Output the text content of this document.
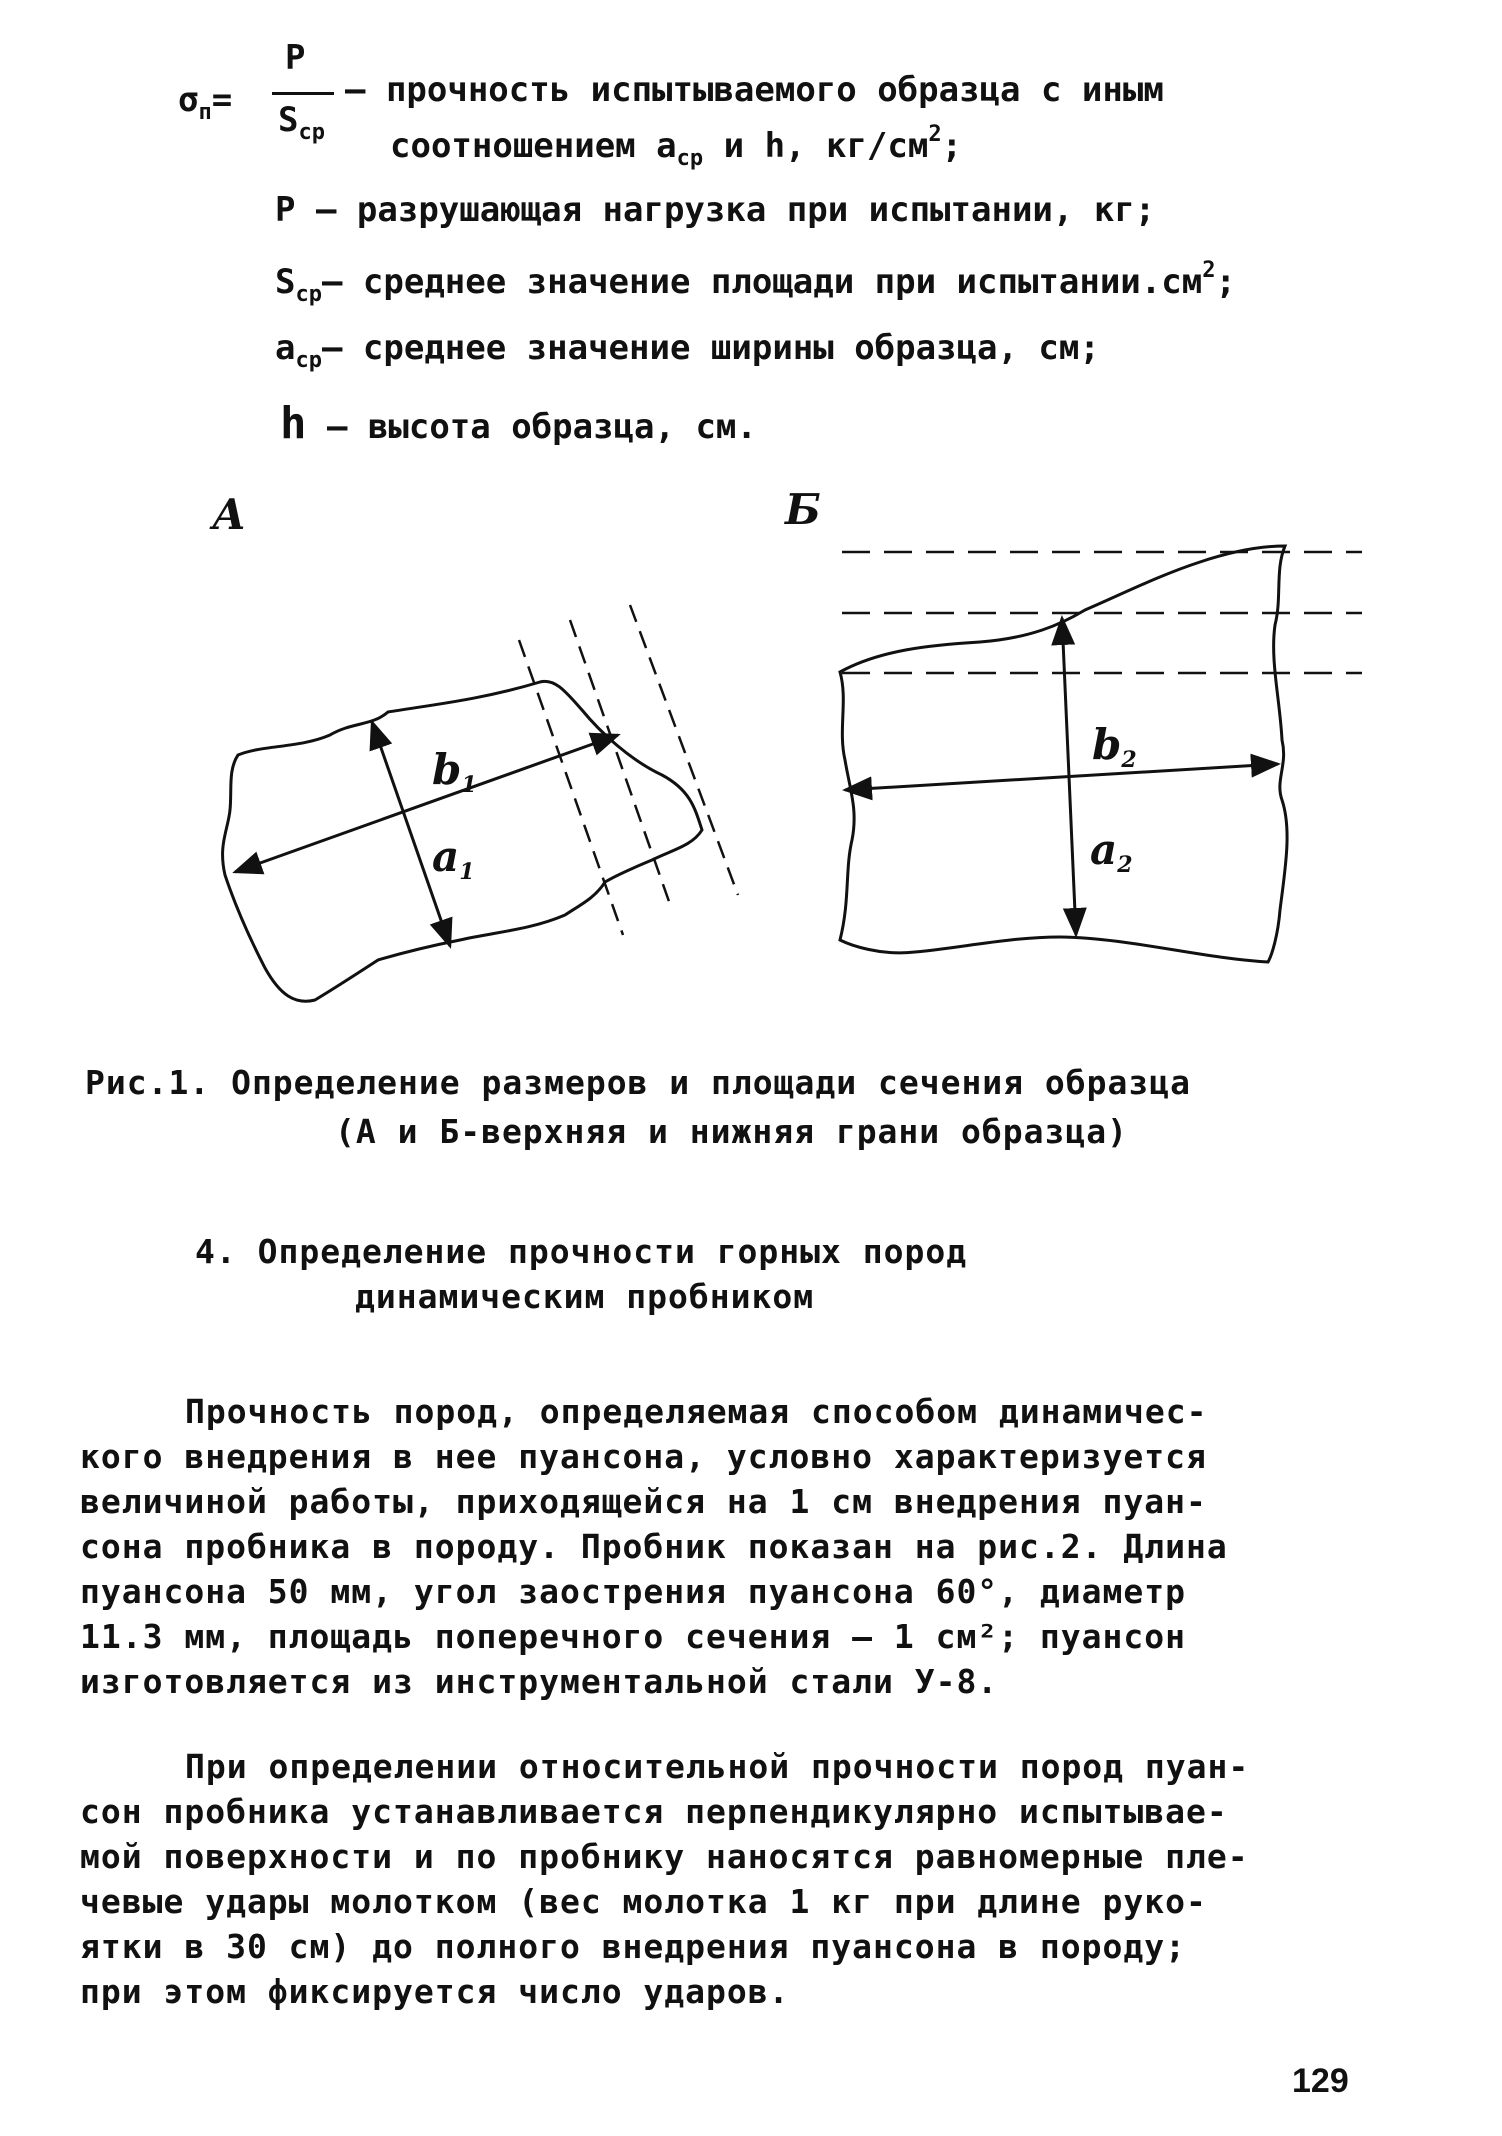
$\sigma_п=$
P
$S_{ср}$
– прочность испытываемого образца с иным
соотношением $a_{ср}$ и h, $кг/см^2$;
P – разрушающая нагрузка при испытании, кг;
$S_{ср}-$ среднее значение площади при $испытании.см^2$;
$a_{ср}-$ среднее значение ширины образца, см;
h – высота образца, см.
А	Б
$b_1$
$a_1$
$b_2$
$a_2$
Рис.1. Определение размеров и площади сечения образца
(А и Б-верхняя и нижняя грани образца)
4. Определение прочности горных пород
динамическим пробником
Прочность пород, определяемая способом динамичес-
кого внедрения в нее пуансона, условно характеризуется
величиной работы, приходящейся на 1 см внедрения пуан-
сона пробника в породу. Пробник показан на рис.2. Длина
пуансона 50 мм, угол заострения пуансона 60°, диаметр
11.3 мм, площадь поперечного сечения – 1 см²; пуансон
изготовляется из инструментальной стали У-8.
При определении относительной прочности пород пуан-
сон пробника устанавливается перпендикулярно испытывае-
мой поверхности и по пробнику наносятся равномерные пле-
чевые удары молотком (вес молотка 1 кг при длине руко-
ятки в 30 см) до полного внедрения пуансона в породу;
при этом фиксируется число ударов.
129
